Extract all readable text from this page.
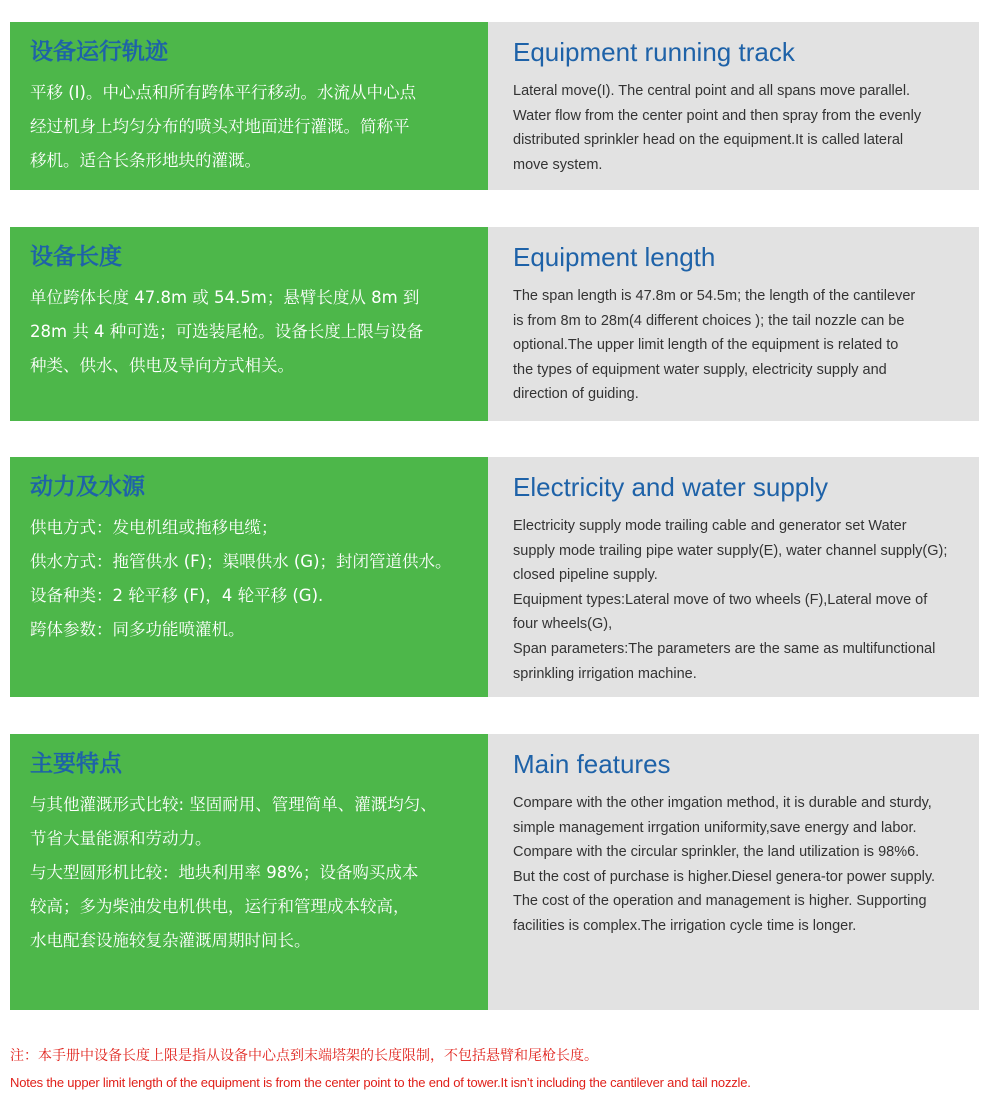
设备运行轨迹
平移 (I)。中心点和所有跨体平行移动。水流从中心点
经过机身上均匀分布的喷头对地面进行灌溉。简称平
移机。适合长条形地块的灌溉。
Equipment running track
Lateral move(I). The central point and all spans move parallel.
Water flow from the center point and then spray from the evenly
distributed sprinkler head on the equipment.It is called lateral
move system.
设备长度
单位跨体长度 47.8m 或 54.5m；悬臂长度从 8m 到
28m 共 4 种可选；可选装尾枪。设备长度上限与设备
种类、供水、供电及导向方式相关。
Equipment length
The span length is 47.8m or 54.5m; the length of the cantilever
is from 8m to 28m(4 different choices ); the tail nozzle can be
optional.The upper limit length of the equipment is related to
the types of equipment water supply, electricity supply and
direction of guiding.
动力及水源
供电方式：发电机组或拖移电缆；
供水方式：拖管供水 (F)；渠喂供水 (G)；封闭管道供水。
设备种类：2 轮平移 (F)，4 轮平移 (G).
跨体参数：同多功能喷灌机。
Electricity and water supply
Electricity supply mode trailing cable and generator set Water
supply mode trailing pipe water supply(E), water channel supply(G);
closed pipeline supply.
Equipment types:Lateral move of two wheels (F),Lateral move of
four wheels(G),
Span parameters:The parameters are the same as multifunctional
sprinkling irrigation machine.
主要特点
与其他灌溉形式比较: 坚固耐用、管理简单、灌溉均匀、
节省大量能源和劳动力。
与大型圆形机比较：地块利用率 98%；设备购买成本
较高；多为柴油发电机供电，运行和管理成本较高，
水电配套设施较复杂灌溉周期时间长。
Main features
Compare with the other imgation method, it is durable and sturdy,
simple management irrgation uniformity,save energy and labor.
Compare with the circular sprinkler, the land utilization is 98%6.
But the cost of purchase is higher.Diesel genera-tor power supply.
The cost of the operation and management is higher. Supporting
facilities is complex.The irrigation cycle time is longer.
注：本手册中设备长度上限是指从设备中心点到末端塔架的长度限制，不包括悬臂和尾枪长度。
Notes the upper limit length of the equipment is from the center point to the end of tower.It isn’t including the cantilever and tail nozzle.
